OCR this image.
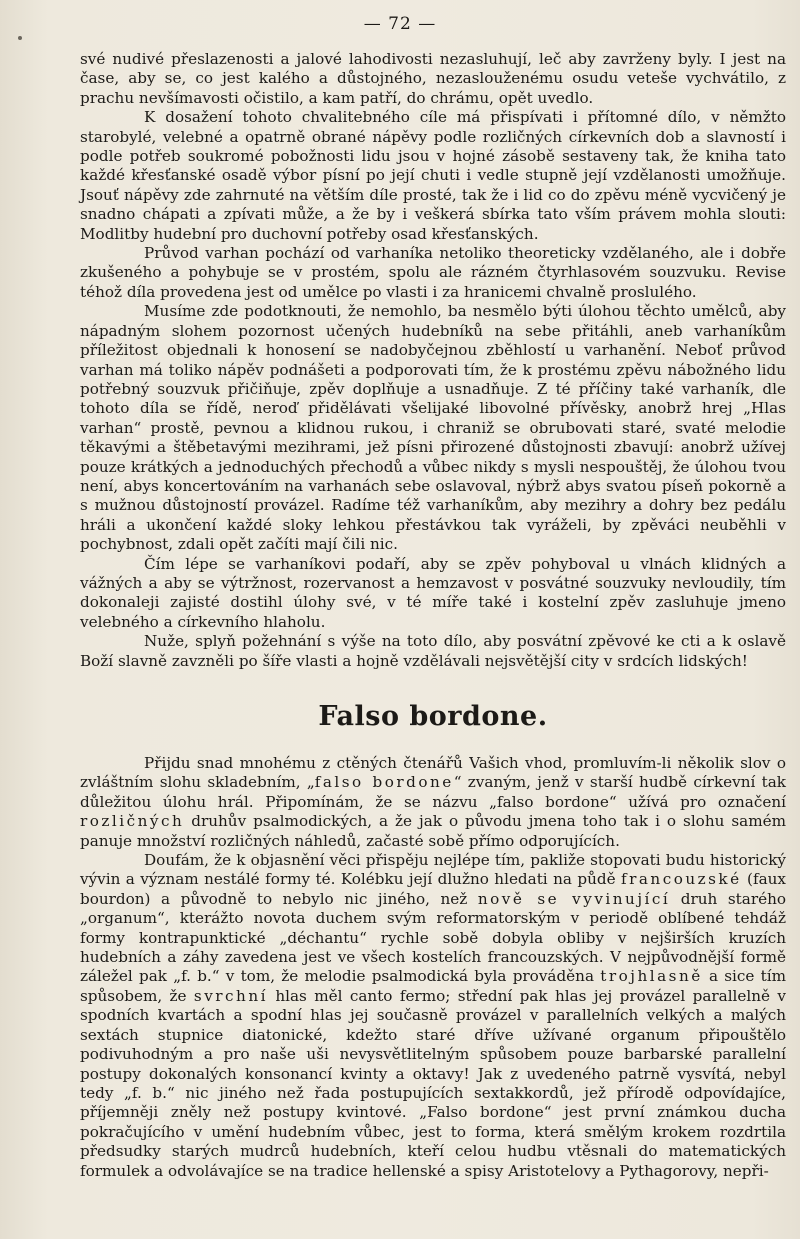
— 72 —

své nudivé přeslazenosti a jalové lahodivosti nezasluhují, leč aby zavrženy byly. I jest na čase, aby se, co jest kalého a důstojného, nezaslouženému osudu veteše vychvátilo, z prachu nevšímavosti očistilo, a kam patří, do chrámu, opět uvedlo.

K dosažení tohoto chvalitebného cíle má přispívati i přítomné dílo, v němžto starobylé, velebné a opatrně obrané nápěvy podle rozličných církevních dob a slavností i podle potřeb soukromé pobožnosti lidu jsou v hojné zásobě sestaveny tak, že kniha tato každé křesťanské osadě výbor písní po její chuti i vedle stupně její vzdělanosti umožňuje. Jsouť nápěvy zde zahrnuté na větším díle prosté, tak že i lid co do zpěvu méně vycvičený je snadno chápati a zpívati může, a že by i veškerá sbírka tato vším právem mohla slouti: Modlitby hudební pro duchovní potřeby osad křesťanských.

Průvod varhan pochází od varhaníka netoliko theoreticky vzdělaného, ale i dobře zkušeného a pohybuje se v prostém, spolu ale rázném čtyrhlasovém souzvuku. Revise téhož díla provedena jest od umělce po vlasti i za hranicemi chvalně proslulého.

Musíme zde podotknouti, že nemohlo, ba nesmělo býti úlohou těchto umělců, aby nápadným slohem pozornost učených hudebníků na sebe přitáhli, aneb varhaníkům příležitost objednali k honosení se nadobyčejnou zběhlostí u varhanění. Neboť průvod varhan má toliko nápěv podnášeti a podporovati tím, že k prostému zpěvu nábožného lidu potřebný souzvuk přičiňuje, zpěv doplňuje a usnadňuje. Z té příčiny také varhaník, dle tohoto díla se řídě, neroď přidělávati všelijaké libovolné přívěsky, anobrž hrej „Hlas varhan“ prostě, pevnou a klidnou rukou, i chraniž se obrubovati staré, svaté melodie těkavými a štěbetavými mezihrami, jež písni přirozené důstojnosti zbavují: anobrž užívej pouze krátkých a jednoduchých přechodů a vůbec nikdy s mysli nespouštěj, že úlohou tvou není, abys koncertováním na varhanách sebe oslavoval, nýbrž abys svatou píseň pokorně a s mužnou důstojností provázel. Radíme též varhaníkům, aby mezihry a dohry bez pedálu hráli a ukončení každé sloky lehkou přestávkou tak vyráželi, by zpěváci neuběhli v pochybnost, zdali opět začíti mají čili nic.

Čím lépe se varhaníkovi podaří, aby se zpěv pohyboval u vlnách klidných a vážných a aby se výtržnost, rozervanost a hemzavost v posvátné souzvuky nevloudily, tím dokonaleji zajisté dostihl úlohy své, v té míře také i kostelní zpěv zasluhuje jmeno velebného a církevního hlaholu.

Nuže, splyň požehnání s výše na toto dílo, aby posvátní zpěvové ke cti a k oslavě Boží slavně zavzněli po šíře vlasti a hojně vzdělávali nejsvětější city v srdcích lidských!

Falso bordone.

Přijdu snad mnohému z ctěných čtenářů Vašich vhod, promluvím-li několik slov o zvláštním slohu skladebním, „falso bordone“ zvaným, jenž v starší hudbě církevní tak důležitou úlohu hrál. Připomínám, že se názvu „falso bordone“ užívá pro označení rozličných druhův psalmodických, a že jak o původu jmena toho tak i o slohu samém panuje množství rozličných náhledů, začasté sobě přímo odporujících.

Doufám, že k objasnění věci přispěju nejlépe tím, pakliže stopovati budu historický vývin a význam nestálé formy té. Kolébku její dlužno hledati na půdě francouzské (faux bourdon) a původně to nebylo nic jiného, než nově se vyvinující druh starého „organum“, kterážto novota duchem svým reformatorským v periodě oblíbené tehdáž formy kontrapunktické „déchantu“ rychle sobě dobyla obliby v nejširších kruzích hudebních a záhy zavedena jest ve všech kostelích francouzských. V nejpůvodnější formě záležel pak „f. b.“ v tom, že melodie psalmodická byla prováděna trojhlasně a sice tím spůsobem, že svrchní hlas měl canto fermo; střední pak hlas jej provázel parallelně v spodních kvartách a spodní hlas jej současně provázel v parallelních velkých a malých sextách stupnice diatonické, kdežto staré dříve užívané organum připouštělo podivuhodným a pro naše uši nevysvětlitelným spůsobem pouze barbarské parallelní postupy dokonalých konsonancí kvinty a oktavy! Jak z uvedeného patrně vysvítá, nebyl tedy „f. b.“ nic jiného než řada postupujících sextakkordů, jež přírodě odpovídajíce, příjemněji zněly než postupy kvintové. „Falso bordone“ jest první známkou ducha pokračujícího v umění hudebním vůbec, jest to forma, která smělým krokem rozdrtila předsudky starých mudrců hudebních, kteří celou hudbu vtěsnali do matematických formulek a odvolávajíce se na tradice hellenské a spisy Aristotelovy a Pythagorovy, nepři-
